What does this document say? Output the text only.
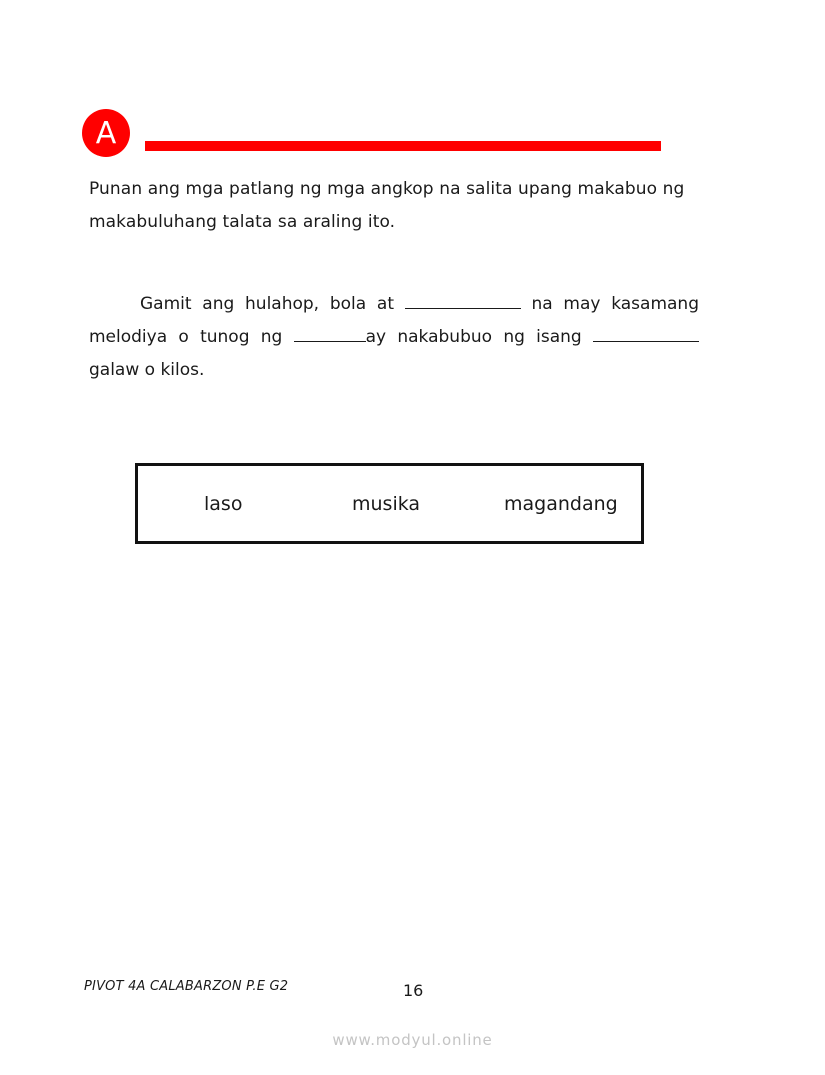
A

Punan ang mga patlang ng mga angkop na salita upang makabuo ng makabuluhang talata sa araling ito.

Gamit ang hulahop, bola at	na may kasamang melodiya o tunog ng	ay nakabubuo ng isang  galaw o kilos.

laso	musika	magandang
PIVOT 4A CALABARZON P.E G2	16
www.modyul.online
